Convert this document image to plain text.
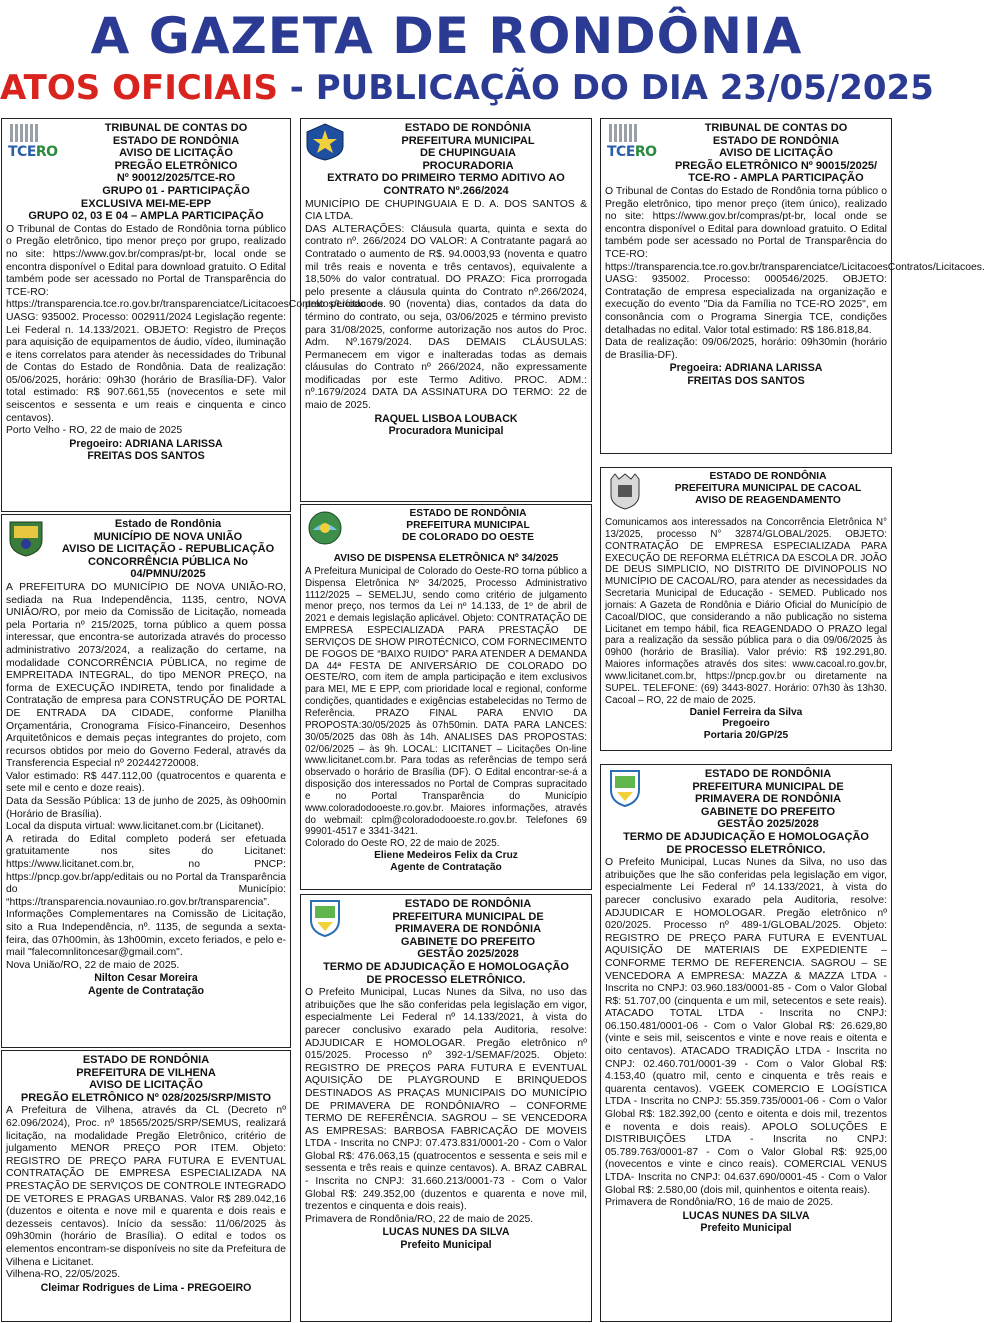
A GAZETA DE RONDÔNIA
ATOS OFICIAIS - PUBLICAÇÃO DO DIA 23/05/2025
TCERO
TRIBUNAL DE CONTAS DO
ESTADO DE RONDÔNIA
AVISO DE LICITAÇÃO
PREGÃO ELETRÔNICO
Nº 90012/2025/TCE-RO
GRUPO 01 - PARTICIPAÇÃO
EXCLUSIVA MEI-ME-EPP
GRUPO 02, 03 E 04 – AMPLA PARTICIPAÇÃO

O Tribunal de Contas do Estado de Rondônia torna público o Pregão eletrônico, tipo menor preço por grupo, realizado no site: https://www.gov.br/compras/pt-br, local onde se encontra disponível o Edital para download gratuito. O Edital também pode ser acessado no Portal de Transparência do TCE-RO: https://transparencia.tce.ro.gov.br/transparenciatce/LicitacoesContratos/Licitacoes.

UASG: 935002. Processo: 002911/2024 Legislação regente: Lei Federal n. 14.133/2021. OBJETO: Registro de Preços para aquisição de equipamentos de áudio, vídeo, iluminação e itens correlatos para atender às necessidades do Tribunal de Contas do Estado de Rondônia. Data de realização: 05/06/2025, horário: 09h30 (horário de Brasília-DF). Valor total estimado: R$ 907.661,55 (novecentos e sete mil seiscentos e sessenta e um reais e cinquenta e cinco centavos).

Porto Velho - RO, 22 de maio de 2025

Pregoeiro: ADRIANA LARISSA
FREITAS DOS SANTOS
Estado de Rondônia
MUNICÍPIO DE NOVA UNIÃO
AVISO DE LICITAÇÃO - REPUBLICAÇÃO
CONCORRÊNCIA PÚBLICA No 04/PMNU/2025

A PREFEITURA DO MUNICÍPIO DE NOVA UNIÃO-RO, sediada na Rua Independência, 1135, centro, NOVA UNIÃO/RO, por meio da Comissão de Licitação, nomeada pela Portaria nº 215/2025, torna público a quem possa interessar, que encontra-se autorizada através do processo administrativo 2073/2024, a realização do certame, na modalidade CONCORRÊNCIA PÚBLICA, no regime de EMPREITADA INTEGRAL, do tipo MENOR PREÇO, na forma de EXECUÇÃO INDIRETA, tendo por finalidade a Contratação de empresa para CONSTRUÇÃO DE PORTAL DE ENTRADA DA CIDADE, conforme Planilha Orçamentária, Cronograma Físico-Financeiro, Desenhos Arquitetônicos e demais peças integrantes do projeto, com recursos obtidos por meio do Governo Federal, através da Transferencia Especial nº 202442720008.

Valor estimado: R$ 447.112,00 (quatrocentos e quarenta e sete mil e cento e doze reais).

Data da Sessão Pública: 13 de junho de 2025, às 09h00min (Horário de Brasília).

Local da disputa virtual: www.licitanet.com.br (Licitanet).

A retirada do Edital completo poderá ser efetuada gratuitamente nos sites do Licitanet: https://www.licitanet.com.br, no PNCP: https://pncp.gov.br/app/editais ou no Portal da Transparência do Município: “https://transparencia.novauniao.ro.gov.br/transparencia”.

Informações Complementares na Comissão de Licitação, sito a Rua Independência, nº. 1135, de segunda a sexta-feira, das 07h00min, às 13h00min, exceto feriados, e pelo e-mail "falecomnlitoncesar@gmail.com".

Nova União/RO, 22 de maio de 2025.

Nilton Cesar Moreira
Agente de Contratação
ESTADO DE RONDÔNIA
PREFEITURA DE VILHENA
AVISO DE LICITAÇÃO
PREGÃO ELETRÔNICO Nº 028/2025/SRP/MISTO

A Prefeitura de Vilhena, através da CL (Decreto nº 62.096/2024), Proc. nº 18565/2025/SRP/SEMUS, realizará licitação, na modalidade Pregão Eletrônico, critério de julgamento MENOR PREÇO POR ITEM. Objeto: REGISTRO DE PREÇO PARA FUTURA E EVENTUAL CONTRATAÇÃO DE EMPRESA ESPECIALIZADA NA PRESTAÇÃO DE SERVIÇOS DE CONTROLE INTEGRADO DE VETORES E PRAGAS URBANAS. Valor R$ 289.042,16 (duzentos e oitenta e nove mil e quarenta e dois reais e dezesseis centavos). Início da sessão: 11/06/2025 às 09h30min (horário de Brasília). O edital e todos os elementos encontram-se disponíveis no site da Prefeitura de Vilhena e Licitanet.

Vilhena-RO, 22/05/2025.

Cleimar Rodrigues de Lima - PREGOEIRO
ESTADO DE RONDÔNIA
PREFEITURA MUNICIPAL
DE CHUPINGUAIA
PROCURADORIA
EXTRATO DO PRIMEIRO TERMO ADITIVO AO CONTRATO Nº.266/2024

MUNICÍPIO DE CHUPINGUAIA E D. A. DOS SANTOS & CIA LTDA.

DAS ALTERAÇÕES: Cláusula quarta, quinta e sexta do contrato nº. 266/2024 DO VALOR: A Contratante pagará ao Contratado o aumento de R$. 94.0003,93 (noventa e quatro mil três reais e noventa e três centavos), equivalente a 18,50% do valor contratual. DO PRAZO: Fica prorrogada pelo presente a cláusula quinta do Contrato nº.266/2024, pelo período de 90 (noventa) dias, contados da data do término do contrato, ou seja, 03/06/2025 e término previsto para 31/08/2025, conforme autorização nos autos do Proc. Adm. Nº.1679/2024. DAS DEMAIS CLÁUSULAS: Permanecem em vigor e inalteradas todas as demais cláusulas do Contrato nº 266/2024, não expressamente modificadas por este Termo Aditivo. PROC. ADM.: nº.1679/2024 DATA DA ASSINATURA DO TERMO: 22 de maio de 2025.

RAQUEL LISBOA LOUBACK
Procuradora Municipal
ESTADO DE RONDÔNIA
PREFEITURA MUNICIPAL
DE COLORADO DO OESTE
AVISO DE DISPENSA ELETRÔNICA Nº 34/2025

A Prefeitura Municipal de Colorado do Oeste-RO torna público a Dispensa Eletrônica Nº 34/2025, Processo Administrativo 1112/2025 – SEMELJU, sendo como critério de julgamento menor preço, nos termos da Lei nº 14.133, de 1º de abril de 2021 e demais legislação aplicável. Objeto: CONTRATAÇÃO DE EMPRESA ESPECIALIZADA PARA PRESTAÇÃO DE SERVIÇOS DE SHOW PIROTÉCNICO, COM FORNECIMENTO DE FOGOS DE “BAIXO RUIDO” PARA ATENDER A DEMANDA DA 44ª FESTA DE ANIVERSÁRIO DE COLORADO DO OESTE/RO, com item de ampla participação e item exclusivos para MEI, ME E EPP, com prioridade local e regional, conforme condições, quantidades e exigências estabelecidas no Termo de Referência. PRAZO FINAL PARA ENVIO DA PROPOSTA:30/05/2025 às 07h50min. DATA PARA LANCES: 30/05/2025 das 08h às 14h. ANALISES DAS PROPOSTAS: 02/06/2025 – às 9h. LOCAL: LICITANET – Licitações On-line www.licitanet.com.br. Para todas as referências de tempo será observado o horário de Brasília (DF). O Edital encontrar-se-á a disposição dos interessados no Portal de Compras supracitado e no Portal Transparência do Município www.coloradodooeste.ro.gov.br. Maiores informações, através do webmail: cplm@coloradodooeste.ro.gov.br. Telefones 69 99901-4517 e 3341-3421.

Colorado do Oeste RO, 22 de maio de 2025.

Eliene Medeiros Felix da Cruz
Agente de Contratação
ESTADO DE RONDÔNIA
PREFEITURA MUNICIPAL DE
PRIMAVERA DE RONDÔNIA
GABINETE DO PREFEITO
GESTÃO 2025/2028
TERMO DE ADJUDICAÇÃO E HOMOLOGAÇÃO
DE PROCESSO ELETRÔNICO.

O Prefeito Municipal, Lucas Nunes da Silva, no uso das atribuições que lhe são conferidas pela legislação em vigor, especialmente Lei Federal nº 14.133/2021, à vista do parecer conclusivo exarado pela Auditoria, resolve: ADJUDICAR E HOMOLOGAR. Pregão eletrônico nº 015/2025. Processo nº 392-1/SEMAF/2025. Objeto: REGISTRO DE PREÇOS PARA FUTURA E EVENTUAL AQUISIÇÃO DE PLAYGROUND E BRINQUEDOS DESTINADOS AS PRAÇAS MUNICIPAIS DO MUNICÍPIO DE PRIMAVERA DE RONDÔNIA/RO – CONFORME TERMO DE REFERÊNCIA. SAGROU – SE VENCEDORA AS EMPRESAS: BARBOSA FABRICAÇÃO DE MOVEIS LTDA - Inscrita no CNPJ: 07.473.831/0001-20 - Com o Valor Global R$: 476.063,15 (quatrocentos e sessenta e seis mil e sessenta e três reais e quinze centavos). A. BRAZ CABRAL - Inscrita no CNPJ: 31.660.213/0001-73 - Com o Valor Global R$: 249.352,00 (duzentos e quarenta e nove mil, trezentos e cinquenta e dois reais).

Primavera de Rondônia/RO, 22 de maio de 2025.

LUCAS NUNES DA SILVA
Prefeito Municipal
TCERO
TRIBUNAL DE CONTAS DO
ESTADO DE RONDÔNIA
AVISO DE LICITAÇÃO
PREGÃO ELETRÔNICO Nº 90015/2025/
TCE-RO - AMPLA PARTICIPAÇÃO

O Tribunal de Contas do Estado de Rondônia torna público o Pregão eletrônico, tipo menor preço (item único), realizado no site: https://www.gov.br/compras/pt-br, local onde se encontra disponível o Edital para download gratuito. O Edital também pode ser acessado no Portal de Transparência do TCE-RO: https://transparencia.tce.ro.gov.br/transparenciatce/LicitacoesContratos/Licitacoes.

UASG: 935002. Processo: 000546/2025. OBJETO: Contratação de empresa especializada na organização e execução do evento "Dia da Família no TCE-RO 2025", em consonância com o Programa Sinergia TCE, condições detalhadas no edital. Valor total estimado: R$ 186.818,84.

Data de realização: 09/06/2025, horário: 09h30min (horário de Brasília-DF).

Pregoeira: ADRIANA LARISSA
FREITAS DOS SANTOS
ESTADO DE RONDÔNIA
PREFEITURA MUNICIPAL DE CACOAL
AVISO DE REAGENDAMENTO

Comunicamos aos interessados na Concorrência Eletrônica N° 13/2025, processo N° 32874/GLOBAL/2025. OBJETO: CONTRATAÇÃO DE EMPRESA ESPECIALIZADA PARA EXECUÇÃO DE REFORMA ELÉTRICA DA ESCOLA DR. JOÃO DE DEUS SIMPLICIO, NO DISTRITO DE DIVINOPOLIS NO MUNICÍPIO DE CACOAL/RO, para atender as necessidades da Secretaria Municipal de Educação - SEMED. Publicado nos jornais: A Gazeta de Rondônia e Diário Oficial do Município de Cacoal/DIOC, que considerando a não publicação no sistema Licitanet em tempo hábil, fica REAGENDADO O PRAZO legal para a realização da sessão pública para o dia 09/06/2025 às 09h00 (horário de Brasília). Valor prévio: R$ 192.291,80. Maiores informações através dos sites: www.cacoal.ro.gov.br, www.licitanet.com.br, https://pncp.gov.br ou diretamente na SUPEL. TELEFONE: (69) 3443-8027. Horário: 07h30 às 13h30. Cacoal – RO, 22 de maio de 2025.

Daniel Ferreira da Silva
Pregoeiro
Portaria 20/GP/25
ESTADO DE RONDÔNIA
PREFEITURA MUNICIPAL DE
PRIMAVERA DE RONDÔNIA
GABINETE DO PREFEITO
GESTÃO 2025/2028
TERMO DE ADJUDICAÇÃO E HOMOLOGAÇÃO
DE PROCESSO ELETRÔNICO.

O Prefeito Municipal, Lucas Nunes da Silva, no uso das atribuições que lhe são conferidas pela legislação em vigor, especialmente Lei Federal nº 14.133/2021, à vista do parecer conclusivo exarado pela Auditoria, resolve: ADJUDICAR E HOMOLOGAR. Pregão eletrônico nº 020/2025. Processo nº 489-1/GLOBAL/2025. Objeto: REGISTRO DE PREÇO PARA FUTURA E EVENTUAL AQUISIÇÃO DE MATERIAIS DE EXPEDIENTE – CONFORME TERMO DE REFERENCIA. SAGROU – SE VENCEDORA A EMPRESA: MAZZA & MAZZA LTDA - Inscrita no CNPJ: 03.960.183/0001-85 - Com o Valor Global R$: 51.707,00 (cinquenta e um mil, setecentos e sete reais). ATACADO TOTAL LTDA - Inscrita no CNPJ: 06.150.481/0001-06 - Com o Valor Global R$: 26.629,80 (vinte e seis mil, seiscentos e vinte e nove reais e oitenta e oito centavos). ATACADO TRADIÇÃO LTDA - Inscrita no CNPJ: 02.460.701/0001-39 - Com o Valor Global R$: 4.153,40 (quatro mil, cento e cinquenta e três reais e quarenta centavos). VGEEK COMERCIO E LOGÍSTICA LTDA - Inscrita no CNPJ: 55.359.735/0001-06 - Com o Valor Global R$: 182.392,00 (cento e oitenta e dois mil, trezentos e noventa e dois reais). APOLO SOLUÇÕES E DISTRIBUIÇÕES LTDA - Inscrita no CNPJ: 05.789.763/0001-87 - Com o Valor Global R$: 925,00 (novecentos e vinte e cinco reais). COMERCIAL VENUS LTDA- Inscrita no CNPJ: 04.637.690/0001-45 - Com o Valor Global R$: 2.580,00 (dois mil, quinhentos e oitenta reais).

Primavera de Rondônia/RO, 16 de maio de 2025.

LUCAS NUNES DA SILVA
Prefeito Municipal
